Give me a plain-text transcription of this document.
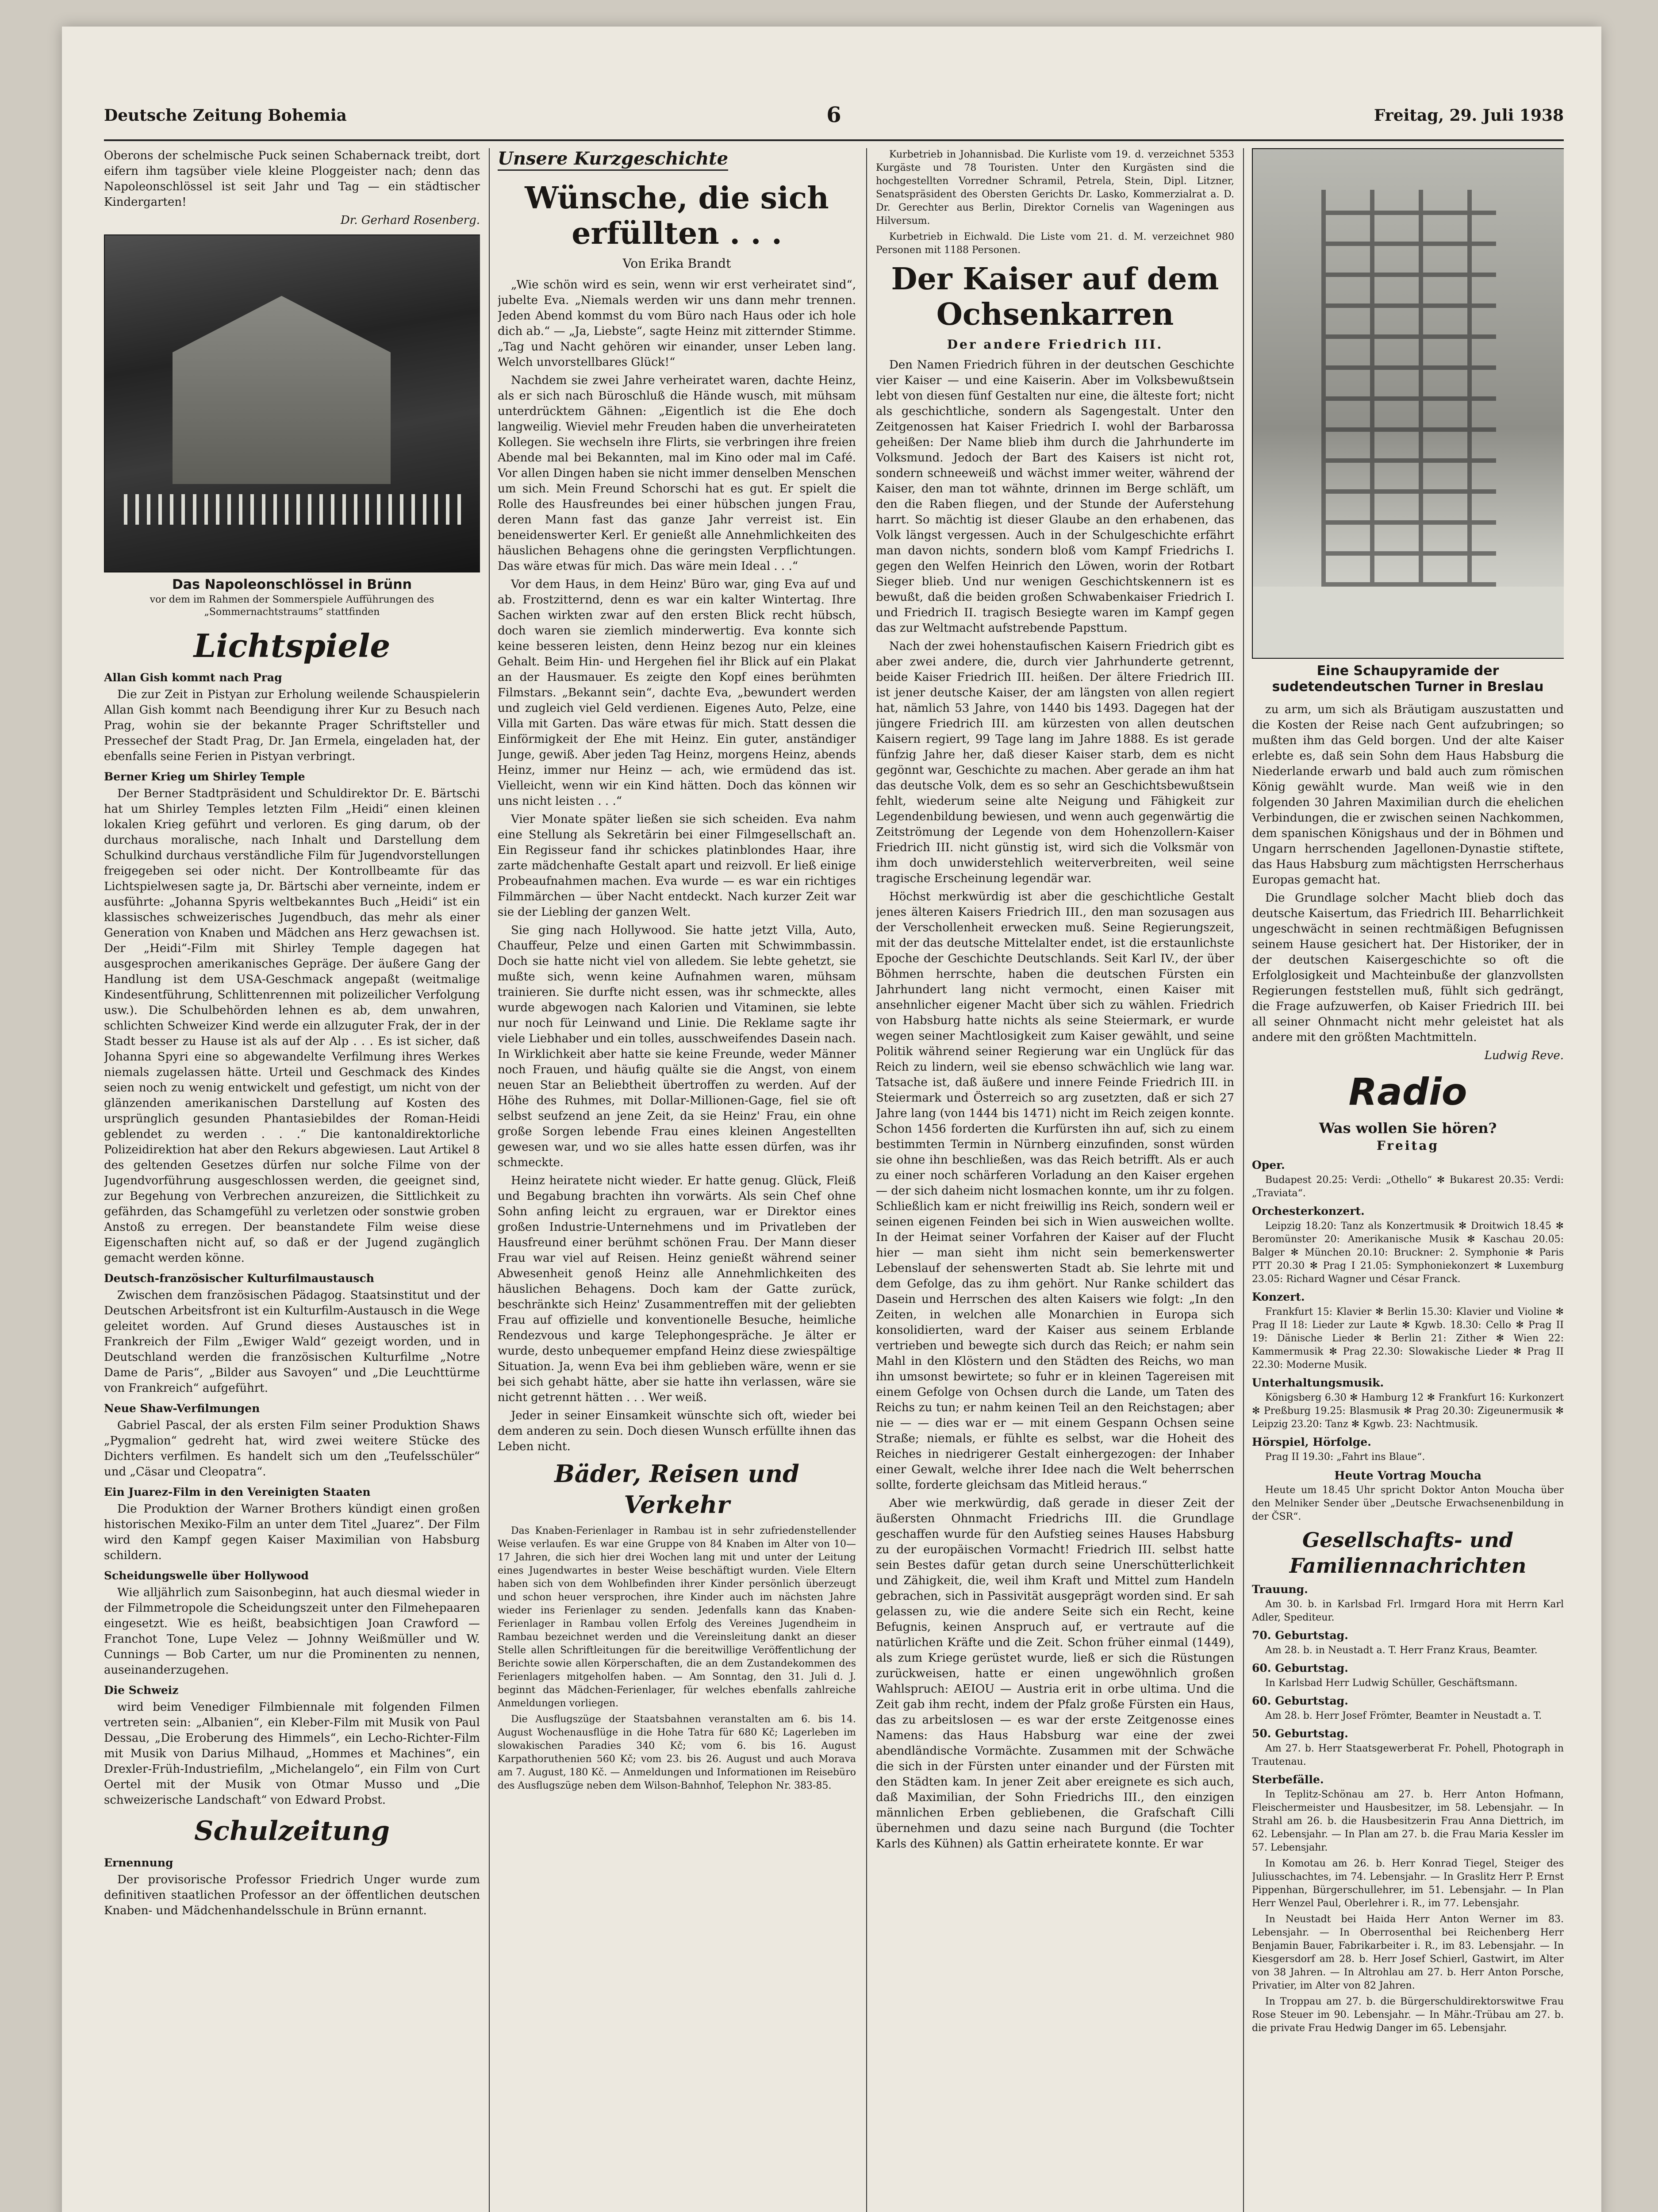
Deutsche Zeitung Bohemia	6	Freitag, 29. Juli 1938

Oberons der schelmische Puck seinen Schabernack treibt, dort eifern ihm tagsüber viele kleine Ploggeister nach; denn das Napoleonschlössel ist seit Jahr und Tag — ein städtischer Kindergarten!

Dr. Gerhard Rosenberg.
Das Napoleonschlössel in Brünn
vor dem im Rahmen der Sommerspiele Aufführungen des „Sommernachtstraums“ stattfinden
Lichtspiele
Allan Gish kommt nach Prag

Die zur Zeit in Pistyan zur Erholung weilende Schauspielerin Allan Gish kommt nach Beendigung ihrer Kur zu Besuch nach Prag, wohin sie der bekannte Prager Schriftsteller und Pressechef der Stadt Prag, Dr. Jan Ermela, eingeladen hat, der ebenfalls seine Ferien in Pistyan verbringt.

Berner Krieg um Shirley Temple

Der Berner Stadtpräsident und Schuldirektor Dr. E. Bärtschi hat um Shirley Temples letzten Film „Heidi“ einen kleinen lokalen Krieg geführt und verloren. Es ging darum, ob der durchaus moralische, nach Inhalt und Darstellung dem Schulkind durchaus verständliche Film für Jugendvorstellungen freigegeben sei oder nicht. Der Kontrollbeamte für das Lichtspielwesen sagte ja, Dr. Bärtschi aber verneinte, indem er ausführte: „Johanna Spyris weltbekanntes Buch „Heidi“ ist ein klassisches schweizerisches Jugendbuch, das mehr als einer Generation von Knaben und Mädchen ans Herz gewachsen ist. Der „Heidi“-Film mit Shirley Temple dagegen hat ausgesprochen amerikanisches Gepräge. Der äußere Gang der Handlung ist dem USA-Geschmack angepaßt (weitmalige Kindesentführung, Schlittenrennen mit polizeilicher Verfolgung usw.). Die Schulbehörden lehnen es ab, dem unwahren, schlichten Schweizer Kind werde ein allzuguter Frak, der in der Stadt besser zu Hause ist als auf der Alp . . . Es ist sicher, daß Johanna Spyri eine so abgewandelte Verfilmung ihres Werkes niemals zugelassen hätte. Urteil und Geschmack des Kindes seien noch zu wenig entwickelt und gefestigt, um nicht von der glänzenden amerikanischen Darstellung auf Kosten des ursprünglich gesunden Phantasiebildes der Roman-Heidi geblendet zu werden . . .“ Die kantonaldirektorliche Polizeidirektion hat aber den Rekurs abgewiesen. Laut Artikel 8 des geltenden Gesetzes dürfen nur solche Filme von der Jugendvorführung ausgeschlossen werden, die geeignet sind, zur Begehung von Verbrechen anzureizen, die Sittlichkeit zu gefährden, das Schamgefühl zu verletzen oder sonstwie groben Anstoß zu erregen. Der beanstandete Film weise diese Eigenschaften nicht auf, so daß er der Jugend zugänglich gemacht werden könne.

Deutsch-französischer Kulturfilmaustausch

Zwischen dem französischen Pädagog. Staatsinstitut und der Deutschen Arbeitsfront ist ein Kulturfilm-Austausch in die Wege geleitet worden. Auf Grund dieses Austausches ist in Frankreich der Film „Ewiger Wald“ gezeigt worden, und in Deutschland werden die französischen Kulturfilme „Notre Dame de Paris“, „Bilder aus Savoyen“ und „Die Leuchttürme von Frankreich“ aufgeführt.

Neue Shaw-Verfilmungen

Gabriel Pascal, der als ersten Film seiner Produktion Shaws „Pygmalion“ gedreht hat, wird zwei weitere Stücke des Dichters verfilmen. Es handelt sich um den „Teufelsschüler“ und „Cäsar und Cleopatra“.

Ein Juarez-Film in den Vereinigten Staaten

Die Produktion der Warner Brothers kündigt einen großen historischen Mexiko-Film an unter dem Titel „Juarez“. Der Film wird den Kampf gegen Kaiser Maximilian von Habsburg schildern.

Scheidungswelle über Hollywood

Wie alljährlich zum Saisonbeginn, hat auch diesmal wieder in der Filmmetropole die Scheidungszeit unter den Filmehepaaren eingesetzt. Wie es heißt, beabsichtigen Joan Crawford — Franchot Tone, Lupe Velez — Johnny Weißmüller und W. Cunnings — Bob Carter, um nur die Prominenten zu nennen, auseinanderzugehen.

Die Schweiz

wird beim Venediger Filmbiennale mit folgenden Filmen vertreten sein: „Albanien“, ein Kleber-Film mit Musik von Paul Dessau, „Die Eroberung des Himmels“, ein Lecho-Richter-Film mit Musik von Darius Milhaud, „Hommes et Machines“, ein Drexler-Früh-Industriefilm, „Michelangelo“, ein Film von Curt Oertel mit der Musik von Otmar Musso und „Die schweizerische Landschaft“ von Edward Probst.

Schulzeitung
Ernennung

Der provisorische Professor Friedrich Unger wurde zum definitiven staatlichen Professor an der öffentlichen deutschen Knaben- und Mädchenhandelsschule in Brünn ernannt.

Unsere Kurzgeschichte
Wünsche, die sich erfüllten . . .
Von Erika Brandt

„Wie schön wird es sein, wenn wir erst verheiratet sind“, jubelte Eva. „Niemals werden wir uns dann mehr trennen. Jeden Abend kommst du vom Büro nach Haus oder ich hole dich ab.“ — „Ja, Liebste“, sagte Heinz mit zitternder Stimme. „Tag und Nacht gehören wir einander, unser Leben lang. Welch unvorstellbares Glück!“

Nachdem sie zwei Jahre verheiratet waren, dachte Heinz, als er sich nach Büroschluß die Hände wusch, mit mühsam unterdrücktem Gähnen: „Eigentlich ist die Ehe doch langweilig. Wieviel mehr Freuden haben die unverheirateten Kollegen. Sie wechseln ihre Flirts, sie verbringen ihre freien Abende mal bei Bekannten, mal im Kino oder mal im Café. Vor allen Dingen haben sie nicht immer denselben Menschen um sich. Mein Freund Schorschi hat es gut. Er spielt die Rolle des Hausfreundes bei einer hübschen jungen Frau, deren Mann fast das ganze Jahr verreist ist. Ein beneidenswerter Kerl. Er genießt alle Annehmlichkeiten des häuslichen Behagens ohne die geringsten Verpflichtungen. Das wäre etwas für mich. Das wäre mein Ideal . . .“

Vor dem Haus, in dem Heinz' Büro war, ging Eva auf und ab. Frostzitternd, denn es war ein kalter Wintertag. Ihre Sachen wirkten zwar auf den ersten Blick recht hübsch, doch waren sie ziemlich minderwertig. Eva konnte sich keine besseren leisten, denn Heinz bezog nur ein kleines Gehalt. Beim Hin- und Hergehen fiel ihr Blick auf ein Plakat an der Hausmauer. Es zeigte den Kopf eines berühmten Filmstars. „Bekannt sein“, dachte Eva, „bewundert werden und zugleich viel Geld verdienen. Eigenes Auto, Pelze, eine Villa mit Garten. Das wäre etwas für mich. Statt dessen die Einförmigkeit der Ehe mit Heinz. Ein guter, anständiger Junge, gewiß. Aber jeden Tag Heinz, morgens Heinz, abends Heinz, immer nur Heinz — ach, wie ermüdend das ist. Vielleicht, wenn wir ein Kind hätten. Doch das können wir uns nicht leisten . . .“

Vier Monate später ließen sie sich scheiden. Eva nahm eine Stellung als Sekretärin bei einer Filmgesellschaft an. Ein Regisseur fand ihr schickes platinblondes Haar, ihre zarte mädchenhafte Gestalt apart und reizvoll. Er ließ einige Probeaufnahmen machen. Eva wurde — es war ein richtiges Filmmärchen — über Nacht entdeckt. Nach kurzer Zeit war sie der Liebling der ganzen Welt.

Sie ging nach Hollywood. Sie hatte jetzt Villa, Auto, Chauffeur, Pelze und einen Garten mit Schwimmbassin. Doch sie hatte nicht viel von alledem. Sie lebte gehetzt, sie mußte sich, wenn keine Aufnahmen waren, mühsam trainieren. Sie durfte nicht essen, was ihr schmeckte, alles wurde abgewogen nach Kalorien und Vitaminen, sie lebte nur noch für Leinwand und Linie. Die Reklame sagte ihr viele Liebhaber und ein tolles, ausschweifendes Dasein nach. In Wirklichkeit aber hatte sie keine Freunde, weder Männer noch Frauen, und häufig quälte sie die Angst, von einem neuen Star an Beliebtheit übertroffen zu werden. Auf der Höhe des Ruhmes, mit Dollar-Millionen-Gage, fiel sie oft selbst seufzend an jene Zeit, da sie Heinz' Frau, ein ohne große Sorgen lebende Frau eines kleinen Angestellten gewesen war, und wo sie alles hatte essen dürfen, was ihr schmeckte.

Heinz heiratete nicht wieder. Er hatte genug. Glück, Fleiß und Begabung brachten ihn vorwärts. Als sein Chef ohne Sohn anfing leicht zu ergrauen, war er Direktor eines großen Industrie-Unternehmens und im Privatleben der Hausfreund einer berühmt schönen Frau. Der Mann dieser Frau war viel auf Reisen. Heinz genießt während seiner Abwesenheit genoß Heinz alle Annehmlichkeiten des häuslichen Behagens. Doch kam der Gatte zurück, beschränkte sich Heinz' Zusammentreffen mit der geliebten Frau auf offizielle und konventionelle Besuche, heimliche Rendezvous und karge Telephongespräche. Je älter er wurde, desto unbequemer empfand Heinz diese zwiespältige Situation. Ja, wenn Eva bei ihm geblieben wäre, wenn er sie bei sich gehabt hätte, aber sie hatte ihn verlassen, wäre sie nicht getrennt hätten . . . Wer weiß.

Jeder in seiner Einsamkeit wünschte sich oft, wieder bei dem anderen zu sein. Doch diesen Wunsch erfüllte ihnen das Leben nicht.

Bäder, Reisen und Verkehr

Das Knaben-Ferienlager in Rambau ist in sehr zufriedenstellender Weise verlaufen. Es war eine Gruppe von 84 Knaben im Alter von 10—17 Jahren, die sich hier drei Wochen lang mit und unter der Leitung eines Jugendwartes in bester Weise beschäftigt wurden. Viele Eltern haben sich von dem Wohlbefinden ihrer Kinder persönlich überzeugt und schon heuer versprochen, ihre Kinder auch im nächsten Jahre wieder ins Ferienlager zu senden. Jedenfalls kann das Knaben-Ferienlager in Rambau vollen Erfolg des Vereines Jugendheim in Rambau bezeichnet werden und die Vereinsleitung dankt an dieser Stelle allen Schriftleitungen für die bereitwillige Veröffentlichung der Berichte sowie allen Körperschaften, die an dem Zustandekommen des Ferienlagers mitgeholfen haben. — Am Sonntag, den 31. Juli d. J. beginnt das Mädchen-Ferienlager, für welches ebenfalls zahlreiche Anmeldungen vorliegen.

Die Ausflugszüge der Staatsbahnen veranstalten am 6. bis 14. August Wochenausflüge in die Hohe Tatra für 680 Kč; Lagerleben im slowakischen Paradies 340 Kč; vom 6. bis 16. August Karpathoruthenien 560 Kč; vom 23. bis 26. August und auch Morava am 7. August, 180 Kč. — Anmeldungen und Informationen im Reisebüro des Ausflugszüge neben dem Wilson-Bahnhof, Telephon Nr. 383-85.

Kurbetrieb in Johannisbad. Die Kurliste vom 19. d. verzeichnet 5353 Kurgäste und 78 Touristen. Unter den Kurgästen sind die hochgestellten Vorredner Schramil, Petrela, Stein, Dipl. Litzner, Senatspräsident des Obersten Gerichts Dr. Lasko, Kommerzialrat a. D. Dr. Gerechter aus Berlin, Direktor Cornelis van Wageningen aus Hilversum.

Kurbetrieb in Eichwald. Die Liste vom 21. d. M. verzeichnet 980 Personen mit 1188 Personen.

Der Kaiser auf dem Ochsenkarren
Der andere Friedrich III.

Den Namen Friedrich führen in der deutschen Geschichte vier Kaiser — und eine Kaiserin. Aber im Volksbewußtsein lebt von diesen fünf Gestalten nur eine, die älteste fort; nicht als geschichtliche, sondern als Sagengestalt. Unter den Zeitgenossen hat Kaiser Friedrich I. wohl der Barbarossa geheißen: Der Name blieb ihm durch die Jahrhunderte im Volksmund. Jedoch der Bart des Kaisers ist nicht rot, sondern schneeweiß und wächst immer weiter, während der Kaiser, den man tot wähnte, drinnen im Berge schläft, um den die Raben fliegen, und der Stunde der Auferstehung harrt. So mächtig ist dieser Glaube an den erhabenen, das Volk längst vergessen. Auch in der Schulgeschichte erfährt man davon nichts, sondern bloß vom Kampf Friedrichs I. gegen den Welfen Heinrich den Löwen, worin der Rotbart Sieger blieb. Und nur wenigen Geschichtskennern ist es bewußt, daß die beiden großen Schwabenkaiser Friedrich I. und Friedrich II. tragisch Besiegte waren im Kampf gegen das zur Weltmacht aufstrebende Papsttum.

Nach der zwei hohenstaufischen Kaisern Friedrich gibt es aber zwei andere, die, durch vier Jahrhunderte getrennt, beide Kaiser Friedrich III. heißen. Der ältere Friedrich III. ist jener deutsche Kaiser, der am längsten von allen regiert hat, nämlich 53 Jahre, von 1440 bis 1493. Dagegen hat der jüngere Friedrich III. am kürzesten von allen deutschen Kaisern regiert, 99 Tage lang im Jahre 1888. Es ist gerade fünfzig Jahre her, daß dieser Kaiser starb, dem es nicht gegönnt war, Geschichte zu machen. Aber gerade an ihm hat das deutsche Volk, dem es so sehr an Geschichtsbewußtsein fehlt, wiederum seine alte Neigung und Fähigkeit zur Legendenbildung bewiesen, und wenn auch gegenwärtig die Zeitströmung der Legende von dem Hohenzollern-Kaiser Friedrich III. nicht günstig ist, wird sich die Volksmär von ihm doch unwiderstehlich weiterverbreiten, weil seine tragische Erscheinung legendär war.

Höchst merkwürdig ist aber die geschichtliche Gestalt jenes älteren Kaisers Friedrich III., den man sozusagen aus der Verschollenheit erwecken muß. Seine Regierungszeit, mit der das deutsche Mittelalter endet, ist die erstaunlichste Epoche der Geschichte Deutschlands. Seit Karl IV., der über Böhmen herrschte, haben die deutschen Fürsten ein Jahrhundert lang nicht vermocht, einen Kaiser mit ansehnlicher eigener Macht über sich zu wählen. Friedrich von Habsburg hatte nichts als seine Steiermark, er wurde wegen seiner Machtlosigkeit zum Kaiser gewählt, und seine Politik während seiner Regierung war ein Unglück für das Reich zu lindern, weil sie ebenso schwächlich wie lang war. Tatsache ist, daß äußere und innere Feinde Friedrich III. in Steiermark und Österreich so arg zusetzten, daß er sich 27 Jahre lang (von 1444 bis 1471) nicht im Reich zeigen konnte. Schon 1456 forderten die Kurfürsten ihn auf, sich zu einem bestimmten Termin in Nürnberg einzufinden, sonst würden sie ohne ihn beschließen, was das Reich betrifft. Als er auch zu einer noch schärferen Vorladung an den Kaiser ergehen — der sich daheim nicht losmachen konnte, um ihr zu folgen. Schließlich kam er nicht freiwillig ins Reich, sondern weil er seinen eigenen Feinden bei sich in Wien ausweichen wollte. In der Heimat seiner Vorfahren der Kaiser auf der Flucht hier — man sieht ihm nicht sein bemerkenswerter Lebenslauf der sehenswerten Stadt ab. Sie lehrte mit und dem Gefolge, das zu ihm gehört. Nur Ranke schildert das Dasein und Herrschen des alten Kaisers wie folgt: „In den Zeiten, in welchen alle Monarchien in Europa sich konsolidierten, ward der Kaiser aus seinem Erblande vertrieben und bewegte sich durch das Reich; er nahm sein Mahl in den Klöstern und den Städten des Reichs, wo man ihn umsonst bewirtete; so fuhr er in kleinen Tagereisen mit einem Gefolge von Ochsen durch die Lande, um Taten des Reichs zu tun; er nahm keinen Teil an den Reichstagen; aber nie — — dies war er — mit einem Gespann Ochsen seine Straße; niemals, er fühlte es selbst, war die Hoheit des Reiches in niedrigerer Gestalt einhergezogen: der Inhaber einer Gewalt, welche ihrer Idee nach die Welt beherrschen sollte, forderte gleichsam das Mitleid heraus.“

Aber wie merkwürdig, daß gerade in dieser Zeit der äußersten Ohnmacht Friedrichs III. die Grundlage geschaffen wurde für den Aufstieg seines Hauses Habsburg zu der europäischen Vormacht! Friedrich III. selbst hatte sein Bestes dafür getan durch seine Unerschütterlichkeit und Zähigkeit, die, weil ihm Kraft und Mittel zum Handeln gebrachen, sich in Passivität ausgeprägt worden sind. Er sah gelassen zu, wie die andere Seite sich ein Recht, keine Befugnis, keinen Anspruch auf, er vertraute auf die natürlichen Kräfte und die Zeit. Schon früher einmal (1449), als zum Kriege gerüstet wurde, ließ er sich die Rüstungen zurückweisen, hatte er einen ungewöhnlich großen Wahlspruch: AEIOU — Austria erit in orbe ultima. Und die Zeit gab ihm recht, indem der Pfalz große Fürsten ein Haus, das zu arbeitslosen — es war der erste Zeitgenosse eines Namens: das Haus Habsburg war eine der zwei abendländische Vormächte. Zusammen mit der Schwäche die sich in der Fürsten unter einander und der Fürsten mit den Städten kam. In jener Zeit aber ereignete es sich auch, daß Maximilian, der Sohn Friedrichs III., den einzigen männlichen Erben gebliebenen, die Grafschaft Cilli übernehmen und dazu seine nach Burgund (die Tochter Karls des Kühnen) als Gattin erheiratete konnte. Er war

Eine Schaupyramide der sudetendeutschen Turner in Breslau

zu arm, um sich als Bräutigam auszustatten und die Kosten der Reise nach Gent aufzubringen; so mußten ihm das Geld borgen. Und der alte Kaiser erlebte es, daß sein Sohn dem Haus Habsburg die Niederlande erwarb und bald auch zum römischen König gewählt wurde. Man weiß wie in den folgenden 30 Jahren Maximilian durch die ehelichen Verbindungen, die er zwischen seinen Nachkommen, dem spanischen Königshaus und der in Böhmen und Ungarn herrschenden Jagellonen-Dynastie stiftete, das Haus Habsburg zum mächtigsten Herrscherhaus Europas gemacht hat.

Die Grundlage solcher Macht blieb doch das deutsche Kaisertum, das Friedrich III. Beharrlichkeit ungeschwächt in seinen rechtmäßigen Befugnissen seinem Hause gesichert hat. Der Historiker, der in der deutschen Kaisergeschichte so oft die Erfolglosigkeit und Machteinbuße der glanzvollsten Regierungen feststellen muß, fühlt sich gedrängt, die Frage aufzuwerfen, ob Kaiser Friedrich III. bei all seiner Ohnmacht nicht mehr geleistet hat als andere mit den größten Machtmitteln.

Ludwig Reve.
Radio
Was wollen Sie hören?
Freitag
Oper.

Budapest 20.25: Verdi: „Othello“ ✻ Bukarest 20.35: Verdi: „Traviata“.

Orchesterkonzert.

Leipzig 18.20: Tanz als Konzertmusik ✻ Droitwich 18.45 ✻ Beromünster 20: Amerikanische Musik ✻ Kaschau 20.05: Balger ✻ München 20.10: Bruckner: 2. Symphonie ✻ Paris PTT 20.30 ✻ Prag I 21.05: Symphoniekonzert ✻ Luxemburg 23.05: Richard Wagner und César Franck.

Konzert.

Frankfurt 15: Klavier ✻ Berlin 15.30: Klavier und Violine ✻ Prag II 18: Lieder zur Laute ✻ Kgwb. 18.30: Cello ✻ Prag II 19: Dänische Lieder ✻ Berlin 21: Zither ✻ Wien 22: Kammermusik ✻ Prag 22.30: Slowakische Lieder ✻ Prag II 22.30: Moderne Musik.

Unterhaltungsmusik.

Königsberg 6.30 ✻ Hamburg 12 ✻ Frankfurt 16: Kurkonzert ✻ Preßburg 19.25: Blasmusik ✻ Prag 20.30: Zigeunermusik ✻ Leipzig 23.20: Tanz ✻ Kgwb. 23: Nachtmusik.

Hörspiel, Hörfolge.

Prag II 19.30: „Fahrt ins Blaue“.

Heute Vortrag Moucha

Heute um 18.45 Uhr spricht Doktor Anton Moucha über den Melniker Sender über „Deutsche Erwachsenenbildung in der ČSR“.

Gesellschafts- und Familiennachrichten
Trauung.

Am 30. b. in Karlsbad Frl. Irmgard Hora mit Herrn Karl Adler, Spediteur.

70. Geburtstag.

Am 28. b. in Neustadt a. T. Herr Franz Kraus, Beamter.

60. Geburtstag.

In Karlsbad Herr Ludwig Schüller, Geschäftsmann.

60. Geburtstag.

Am 28. b. Herr Josef Frömter, Beamter in Neustadt a. T.

50. Geburtstag.

Am 27. b. Herr Staatsgewerberat Fr. Pohell, Photograph in Trautenau.

Sterbefälle.

In Teplitz-Schönau am 27. b. Herr Anton Hofmann, Fleischermeister und Hausbesitzer, im 58. Lebensjahr. — In Strahl am 26. b. die Hausbesitzerin Frau Anna Diettrich, im 62. Lebensjahr. — In Plan am 27. b. die Frau Maria Kessler im 57. Lebensjahr.

In Komotau am 26. b. Herr Konrad Tiegel, Steiger des Juliusschachtes, im 74. Lebensjahr. — In Graslitz Herr P. Ernst Pippenhan, Bürgerschullehrer, im 51. Lebensjahr. — In Plan Herr Wenzel Paul, Oberlehrer i. R., im 77. Lebensjahr.

In Neustadt bei Haida Herr Anton Werner im 83. Lebensjahr. — In Oberrosenthal bei Reichenberg Herr Benjamin Bauer, Fabrikarbeiter i. R., im 83. Lebensjahr. — In Kiesgersdorf am 28. b. Herr Josef Schierl, Gastwirt, im Alter von 38 Jahren. — In Altrohlau am 27. b. Herr Anton Porsche, Privatier, im Alter von 82 Jahren.

In Troppau am 27. b. die Bürgerschuldirektorswitwe Frau Rose Steuer im 90. Lebensjahr. — In Mähr.-Trübau am 27. b. die private Frau Hedwig Danger im 65. Lebensjahr.
